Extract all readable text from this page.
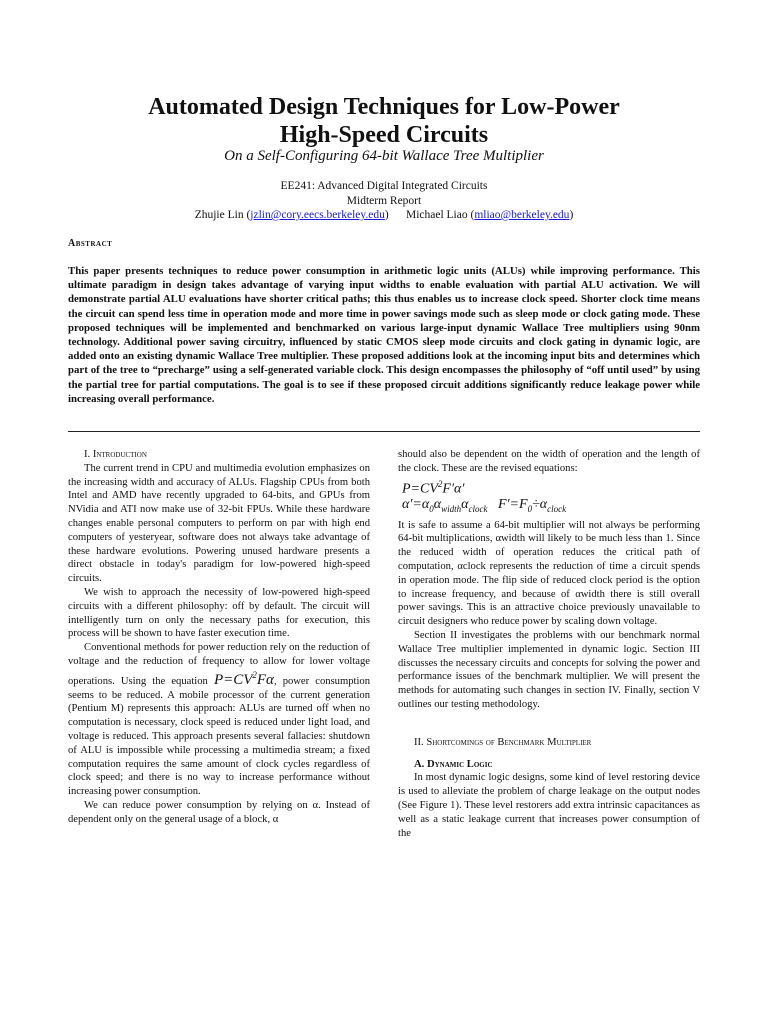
Automated Design Techniques for Low-Power
High-Speed Circuits
On a Self-Configuring 64-bit Wallace Tree Multiplier
EE241: Advanced Digital Integrated Circuits
Midterm Report
Zhujie Lin (jzlin@cory.eecs.berkeley.edu)      Michael Liao (mliao@berkeley.edu)
Abstract

This paper presents techniques to reduce power consumption in arithmetic logic units (ALUs) while improving performance. This ultimate paradigm in design takes advantage of varying input widths to enable evaluation with partial ALU activation. We will demonstrate partial ALU evaluations have shorter critical paths; this thus enables us to increase clock speed. Shorter clock time means the circuit can spend less time in operation mode and more time in power savings mode such as sleep mode or clock gating mode. These proposed techniques will be implemented and benchmarked on various large-input dynamic Wallace Tree multipliers using 90nm technology. Additional power saving circuitry, influenced by static CMOS sleep mode circuits and clock gating in dynamic logic, are added onto an existing dynamic Wallace Tree multiplier. These proposed additions look at the incoming input bits and determines which part of the tree to “precharge” using a self-generated variable clock. This design encompasses the philosophy of “off until used” by using the partial tree for partial computations. The goal is to see if these proposed circuit additions significantly reduce leakage power while increasing overall performance.

I. Introduction

The current trend in CPU and multimedia evolution emphasizes on the increasing width and accuracy of ALUs. Flagship CPUs from both Intel and AMD have recently upgraded to 64-bits, and GPUs from NVidia and ATI now make use of 32-bit FPUs. While these hardware changes enable personal computers to perform on par with high end computers of yesteryear, software does not always take advantage of these hardware evolutions. Powering unused hardware presents a direct obstacle in today's paradigm for low-powered high-speed circuits.

We wish to approach the necessity of low-powered high-speed circuits with a different philosophy: off by default. The circuit will intelligently turn on only the necessary paths for execution, this process will be shown to have faster execution time.

Conventional methods for power reduction rely on the reduction of voltage and the reduction of frequency to allow for lower voltage operations. Using the equation $P=CV^2F\alpha$, power consumption seems to be reduced. A mobile processor of the current generation (Pentium M) represents this approach: ALUs are turned off when no computation is necessary, clock speed is reduced under light load, and voltage is reduced. This approach presents several fallacies: shutdown of ALU is impossible while processing a multimedia stream; a fixed computation requires the same amount of clock cycles regardless of clock speed; and there is no way to increase performance without increasing power consumption.

We can reduce power consumption by relying on α. Instead of dependent only on the general usage of a block, α

should also be dependent on the width of operation and the length of the clock. These are the revised equations:

$P=CV^2F'\alpha'$
$\alpha'=\alpha_0\alpha_{width}\alpha_{clock}$   $F'=F_0\div\alpha_{clock}$

It is safe to assume a 64-bit multiplier will not always be performing 64-bit multiplications, αwidth will likely to be much less than 1. Since the reduced width of operation reduces the critical path of computation, αclock represents the reduction of time a circuit spends in operation mode. The flip side of reduced clock period is the option to increase frequency, and because of αwidth there is still overall power savings. This is an attractive choice previously unavailable to circuit designers who reduce power by scaling down voltage.

Section II investigates the problems with our benchmark normal Wallace Tree multiplier implemented in dynamic logic. Section III discusses the necessary circuits and concepts for solving the power and performance issues of the benchmark multiplier. We will present the methods for automating such changes in section IV. Finally, section V outlines our testing methodology.

II. Shortcomings of Benchmark Multiplier

A. Dynamic Logic

In most dynamic logic designs, some kind of level restoring device is used to alleviate the problem of charge leakage on the output nodes (See Figure 1). These level restorers add extra intrinsic capacitances as well as a static leakage current that increases power consumption of the
